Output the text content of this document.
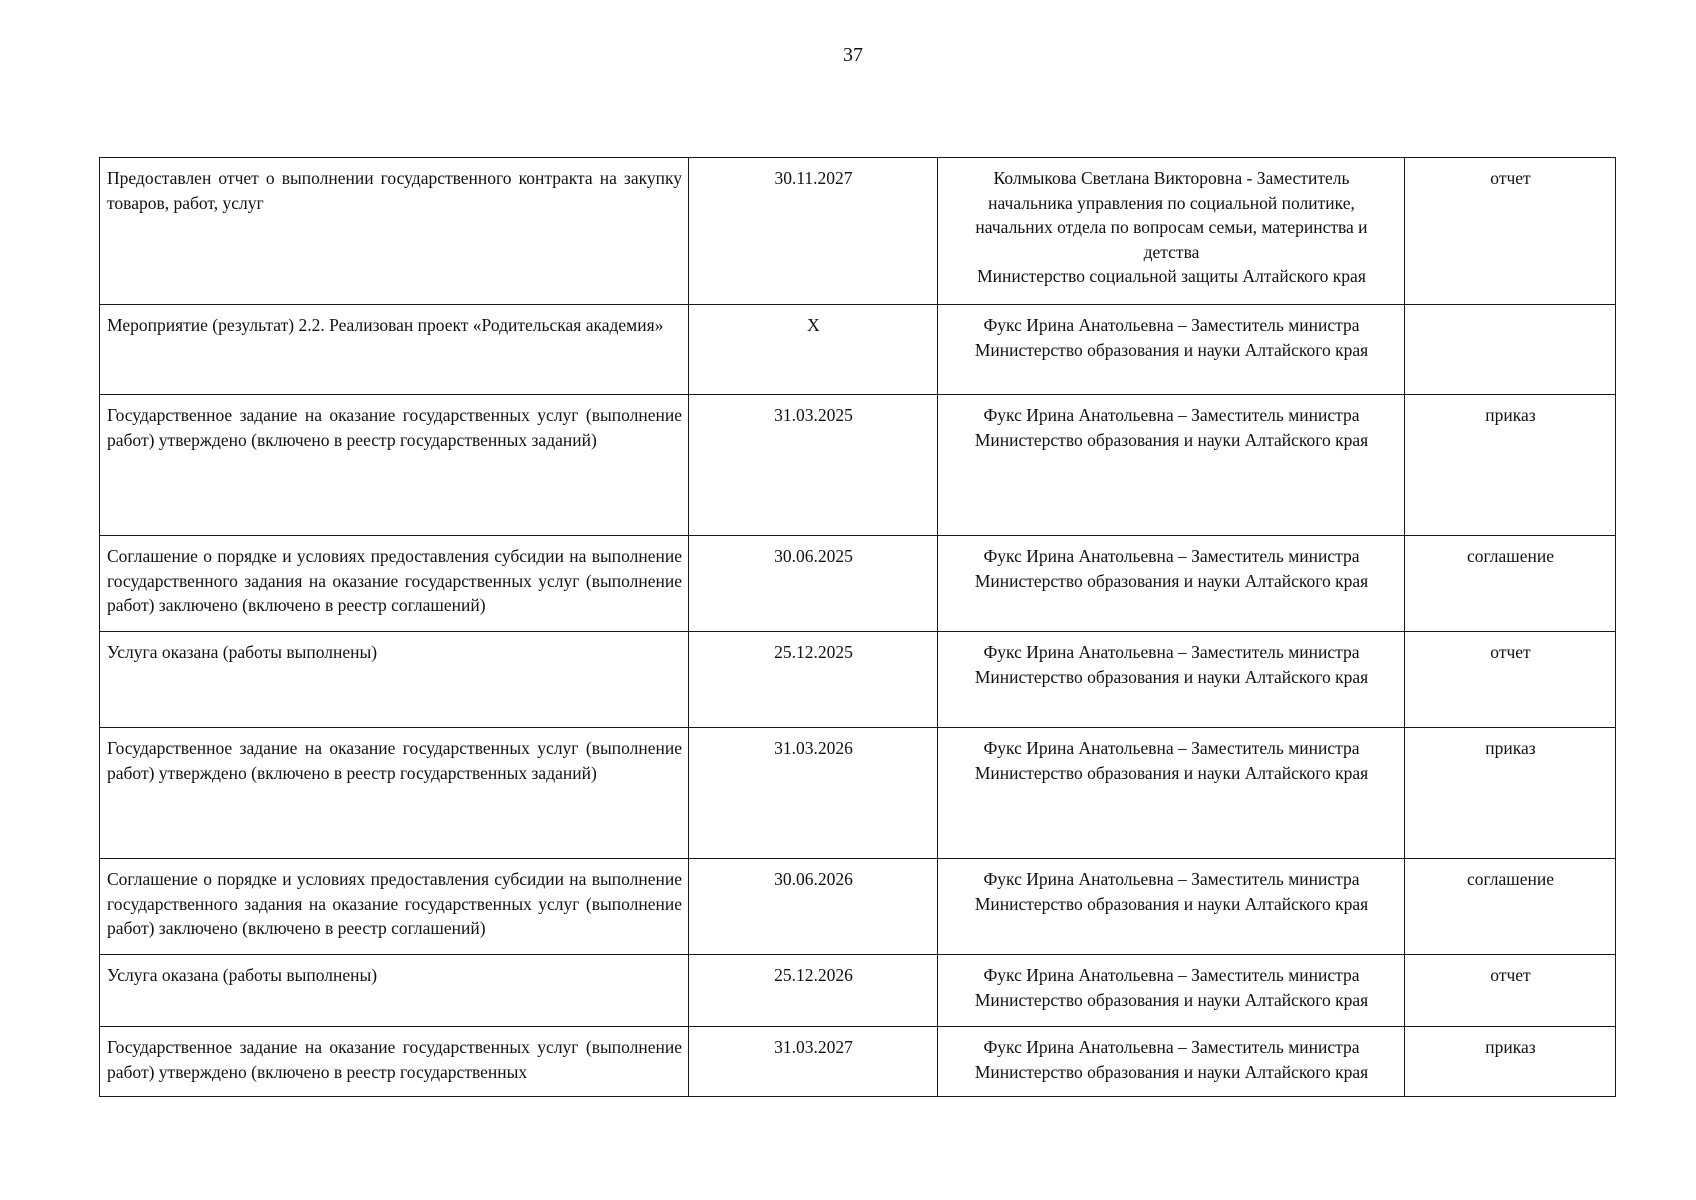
37
Предоставлен отчет о выполнении государственного контракта на закупку товаров, работ, услуг	30.11.2027	Колмыкова Светлана Викторовна - Заместитель
начальника управления по социальной политике,
начальних отдела по вопросам семьи, материнства и
детства
Министерство социальной защиты Алтайского края	отчет
Мероприятие (результат) 2.2. Реализован проект «Родительская академия»	X	Фукс Ирина Анатольевна – Заместитель министра
Министерство образования и науки Алтайского края	

Государственное задание на оказание государственных услуг (выполнение работ) утверждено (включено в реестр государственных заданий)	31.03.2025	Фукс Ирина Анатольевна – Заместитель министра
Министерство образования и науки Алтайского края	приказ
Соглашение о порядке и условиях предоставления субсидии на выполнение государственного задания на оказание государственных услуг (выполнение работ) заключено (включено в реестр соглашений)	30.06.2025	Фукс Ирина Анатольевна – Заместитель министра
Министерство образования и науки Алтайского края	соглашение
Услуга оказана (работы выполнены)	25.12.2025	Фукс Ирина Анатольевна – Заместитель министра
Министерство образования и науки Алтайского края	отчет
Государственное задание на оказание государственных услуг (выполнение работ) утверждено (включено в реестр государственных заданий)	31.03.2026	Фукс Ирина Анатольевна – Заместитель министра
Министерство образования и науки Алтайского края	приказ
Соглашение о порядке и условиях предоставления субсидии на выполнение государственного задания на оказание государственных услуг (выполнение работ) заключено (включено в реестр соглашений)	30.06.2026	Фукс Ирина Анатольевна – Заместитель министра
Министерство образования и науки Алтайского края	соглашение
Услуга оказана (работы выполнены)	25.12.2026	Фукс Ирина Анатольевна – Заместитель министра
Министерство образования и науки Алтайского края	отчет
Государственное задание на оказание государственных услуг (выполнение работ) утверждено (включено в реестр государственных	31.03.2027	Фукс Ирина Анатольевна – Заместитель министра
Министерство образования и науки Алтайского края	приказ
